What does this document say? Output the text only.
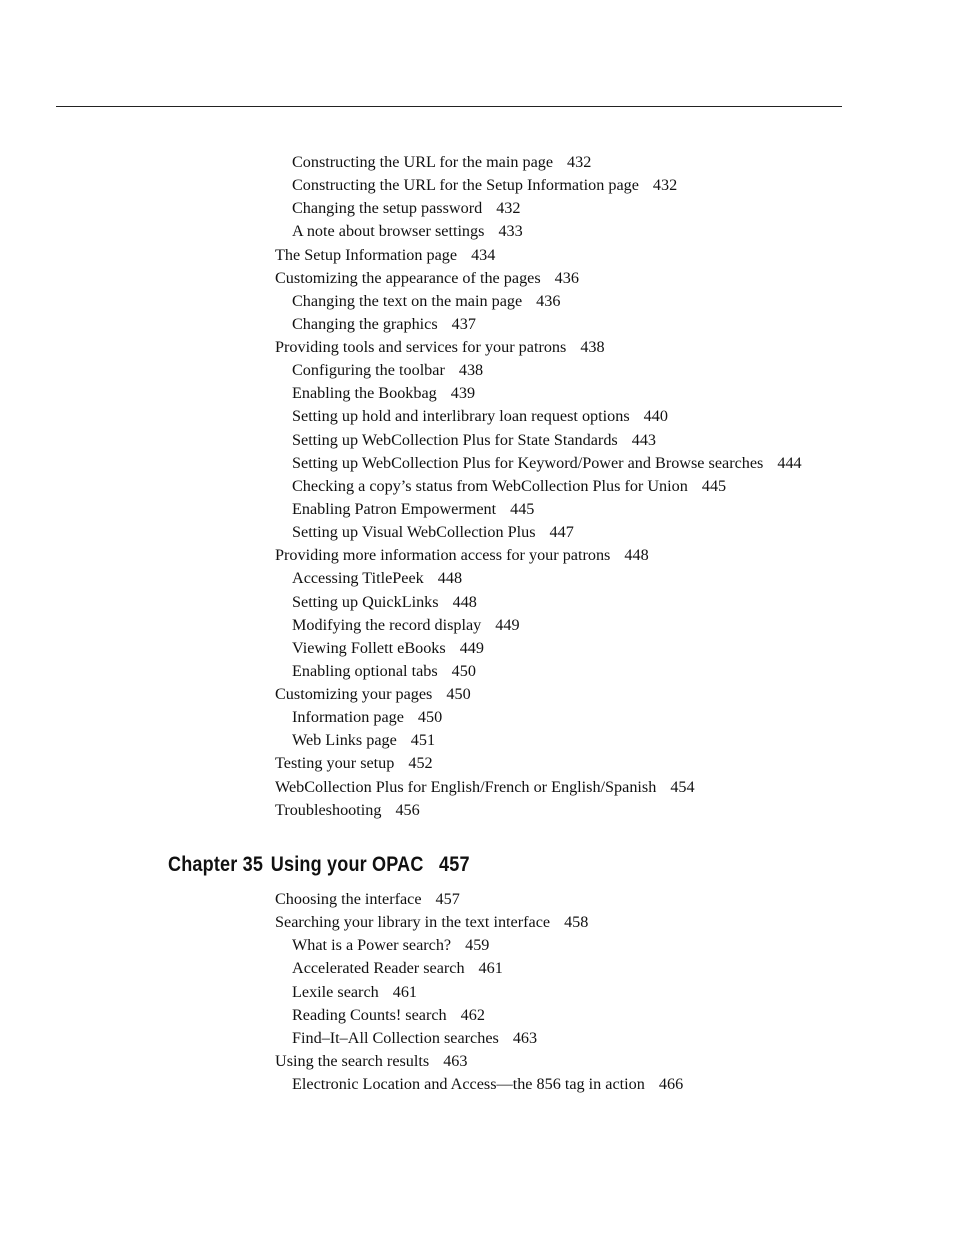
Constructing the URL for the main page 432
Constructing the URL for the Setup Information page 432
Changing the setup password 432
A note about browser settings 433
The Setup Information page 434
Customizing the appearance of the pages 436
Changing the text on the main page 436
Changing the graphics 437
Providing tools and services for your patrons 438
Configuring the toolbar 438
Enabling the Bookbag 439
Setting up hold and interlibrary loan request options 440
Setting up WebCollection Plus for State Standards 443
Setting up WebCollection Plus for Keyword/Power and Browse searches 444
Checking a copy’s status from WebCollection Plus for Union 445
Enabling Patron Empowerment 445
Setting up Visual WebCollection Plus 447
Providing more information access for your patrons 448
Accessing TitlePeek 448
Setting up QuickLinks 448
Modifying the record display 449
Viewing Follett eBooks 449
Enabling optional tabs 450
Customizing your pages 450
Information page 450
Web Links page 451
Testing your setup 452
WebCollection Plus for English/French or English/Spanish 454
Troubleshooting 456
Chapter 35 Using your OPAC 457
Choosing the interface 457
Searching your library in the text interface 458
What is a Power search? 459
Accelerated Reader search 461
Lexile search 461
Reading Counts! search 462
Find–It–All Collection searches 463
Using the search results 463
Electronic Location and Access—the 856 tag in action 466
